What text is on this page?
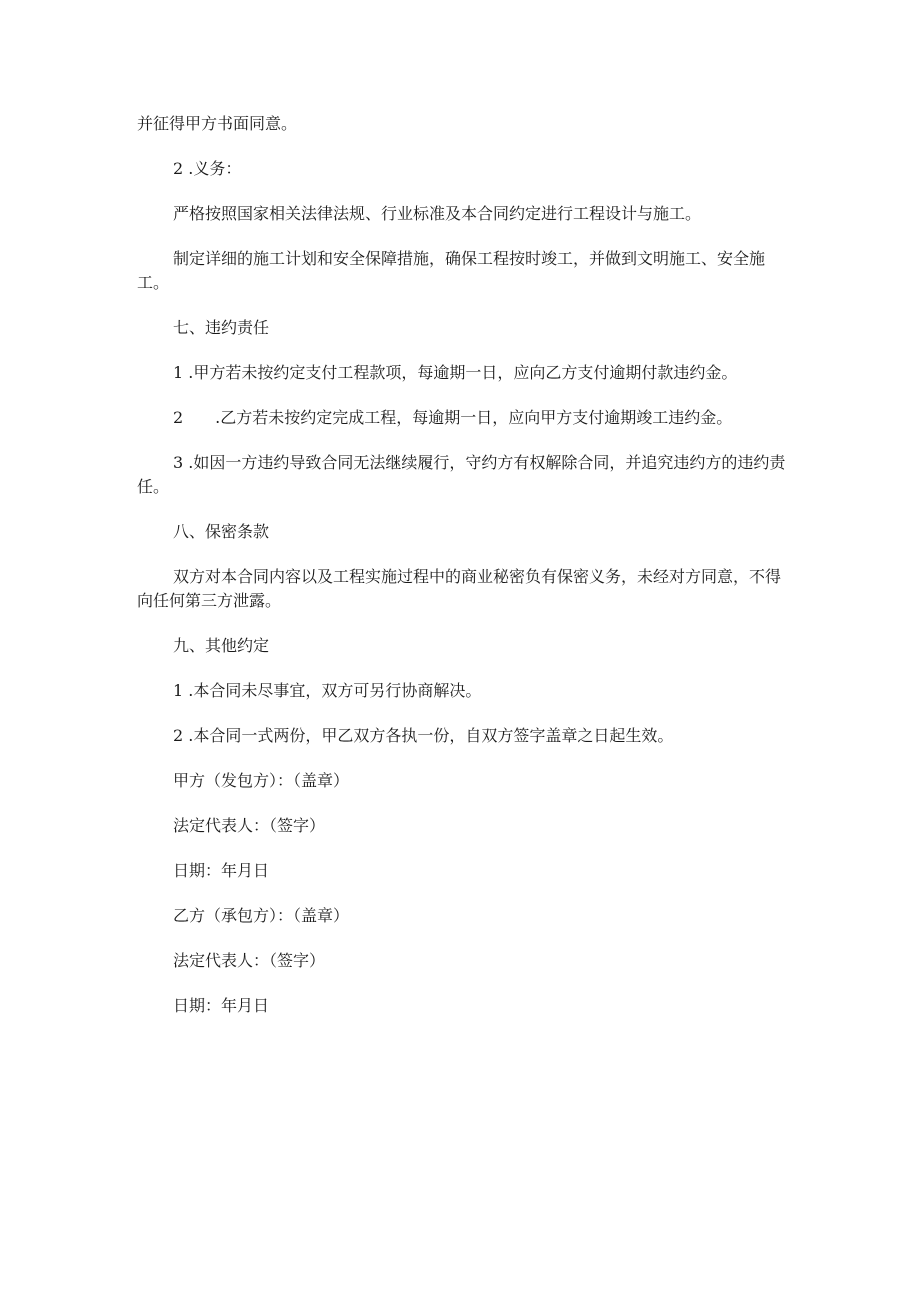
并征得甲方书面同意。

2 .义务：

严格按照国家相关法律法规、行业标准及本合同约定进行工程设计与施工。

制定详细的施工计划和安全保障措施，确保工程按时竣工，并做到文明施工、安全施工。

七、违约责任

1 .甲方若未按约定支付工程款项，每逾期一日，应向乙方支付逾期付款违约金。

2　　.乙方若未按约定完成工程，每逾期一日，应向甲方支付逾期竣工违约金。

3 .如因一方违约导致合同无法继续履行，守约方有权解除合同，并追究违约方的违约责任。

八、保密条款

双方对本合同内容以及工程实施过程中的商业秘密负有保密义务，未经对方同意，不得向任何第三方泄露。

九、其他约定

1 .本合同未尽事宜，双方可另行协商解决。

2 .本合同一式两份，甲乙双方各执一份，自双方签字盖章之日起生效。

甲方（发包方）：（盖章）

法定代表人：（签字）

日期：年月日

乙方（承包方）：（盖章）

法定代表人：（签字）

日期：年月日
